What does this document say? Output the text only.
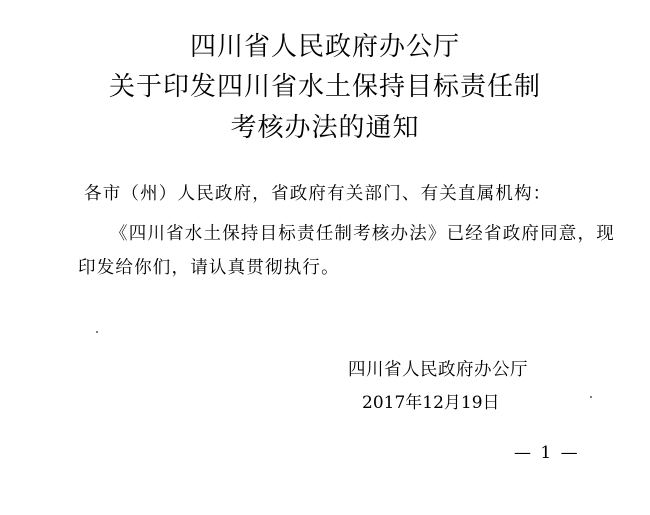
四川省人民政府办公厅
关于印发四川省水土保持目标责任制
考核办法的通知
各市（州）人民政府，省政府有关部门、有关直属机构：
《四川省水土保持目标责任制考核办法》已经省政府同意，现
印发给你们，请认真贯彻执行。
四川省人民政府办公厅
2017年12月19日
— 1 —
